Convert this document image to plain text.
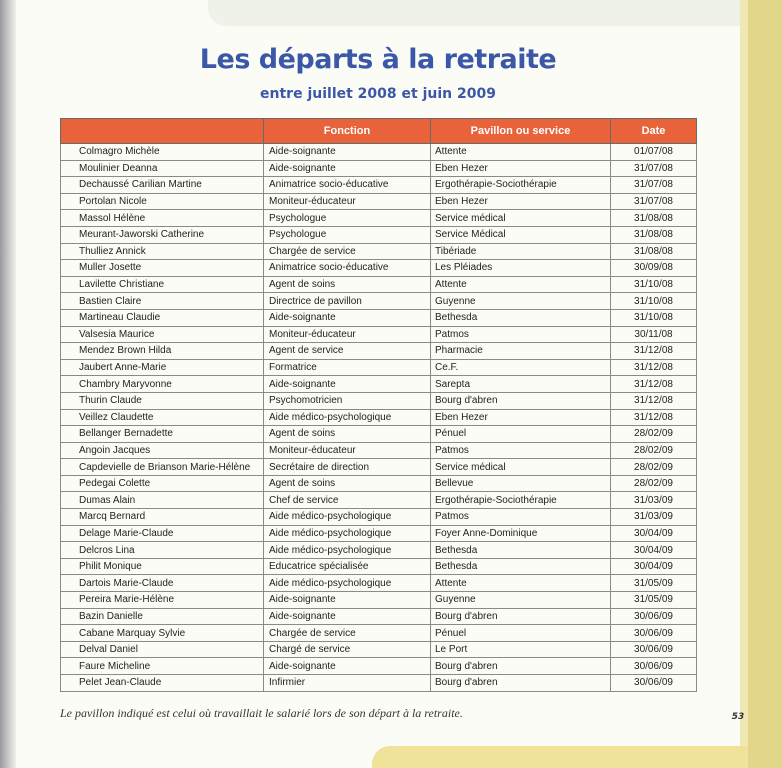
Les départs à la retraite
entre juillet 2008 et juin 2009
	Fonction	Pavillon ou service	Date
Colmagro Michèle	Aide-soignante	Attente	01/07/08
Moulinier Deanna	Aide-soignante	Eben Hezer	31/07/08
Dechaussé Carilian Martine	Animatrice socio-éducative	Ergothérapie-Sociothérapie	31/07/08
Portolan Nicole	Moniteur-éducateur	Eben Hezer	31/07/08
Massol Hélène	Psychologue	Service médical	31/08/08
Meurant-Jaworski Catherine	Psychologue	Service Médical	31/08/08
Thulliez Annick	Chargée de service	Tibériade	31/08/08
Muller Josette	Animatrice socio-éducative	Les Pléiades	30/09/08
Lavilette Christiane	Agent de soins	Attente	31/10/08
Bastien Claire	Directrice de pavillon	Guyenne	31/10/08
Martineau Claudie	Aide-soignante	Bethesda	31/10/08
Valsesia Maurice	Moniteur-éducateur	Patmos	30/11/08
Mendez Brown Hilda	Agent de service	Pharmacie	31/12/08
Jaubert Anne-Marie	Formatrice	Ce.F.	31/12/08
Chambry Maryvonne	Aide-soignante	Sarepta	31/12/08
Thurin Claude	Psychomotricien	Bourg d'abren	31/12/08
Veillez Claudette	Aide médico-psychologique	Eben Hezer	31/12/08
Bellanger Bernadette	Agent de soins	Pénuel	28/02/09
Angoin Jacques	Moniteur-éducateur	Patmos	28/02/09
Capdevielle de Brianson Marie-Hélène	Secrétaire de direction	Service médical	28/02/09
Pedegai Colette	Agent de soins	Bellevue	28/02/09
Dumas Alain	Chef de service	Ergothérapie-Sociothérapie	31/03/09
Marcq Bernard	Aide médico-psychologique	Patmos	31/03/09
Delage Marie-Claude	Aide médico-psychologique	Foyer Anne-Dominique	30/04/09
Delcros Lina	Aide médico-psychologique	Bethesda	30/04/09
Philit Monique	Educatrice spécialisée	Bethesda	30/04/09
Dartois Marie-Claude	Aide médico-psychologique	Attente	31/05/09
Pereira Marie-Hélène	Aide-soignante	Guyenne	31/05/09
Bazin Danielle	Aide-soignante	Bourg d'abren	30/06/09
Cabane Marquay Sylvie	Chargée de service	Pénuel	30/06/09
Delval Daniel	Chargé de service	Le Port	30/06/09
Faure Micheline	Aide-soignante	Bourg d'abren	30/06/09
Pelet Jean-Claude	Infirmier	Bourg d'abren	30/06/09
Le pavillon indiqué est celui où travaillait le salarié lors de son départ à la retraite.	53
